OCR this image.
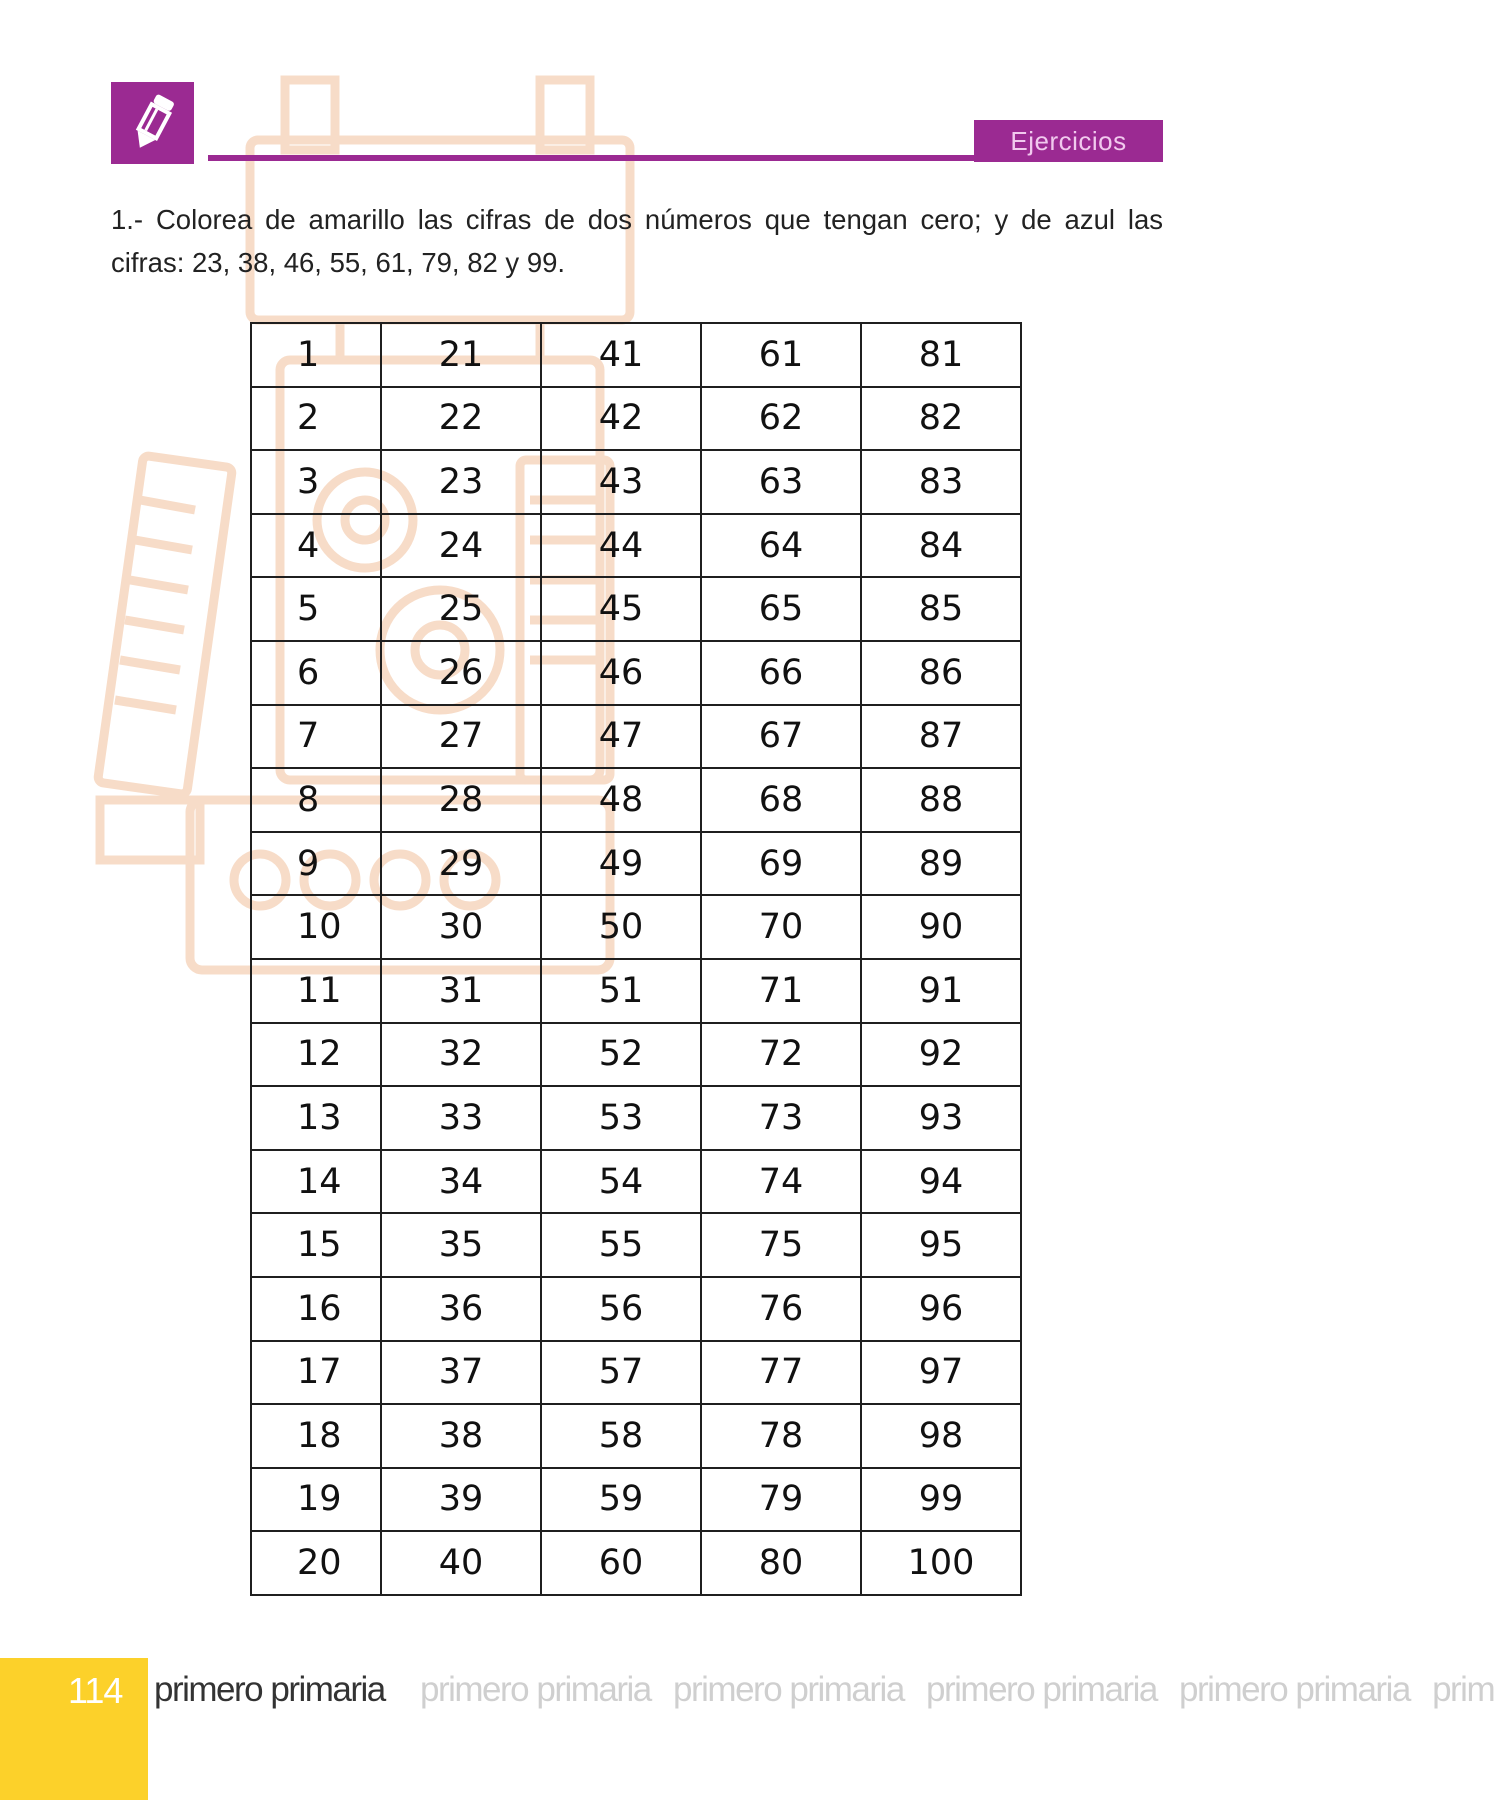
Ejercicios
1.- Colorea de amarillo las cifras de dos números que tengan cero; y de azul las cifras: 23, 38, 46, 55, 61, 79, 82 y 99.
1	21	41	61	81
2	22	42	62	82
3	23	43	63	83
4	24	44	64	84
5	25	45	65	85
6	26	46	66	86
7	27	47	67	87
8	28	48	68	88
9	29	49	69	89
10	30	50	70	90
11	31	51	71	91
12	32	52	72	92
13	33	53	73	93
14	34	54	74	94
15	35	55	75	95
16	36	56	76	96
17	37	57	77	97
18	38	58	78	98
19	39	59	79	99
20	40	60	80	100
114 primero primaria primero primaria primero primaria primero primaria primero primaria prim
